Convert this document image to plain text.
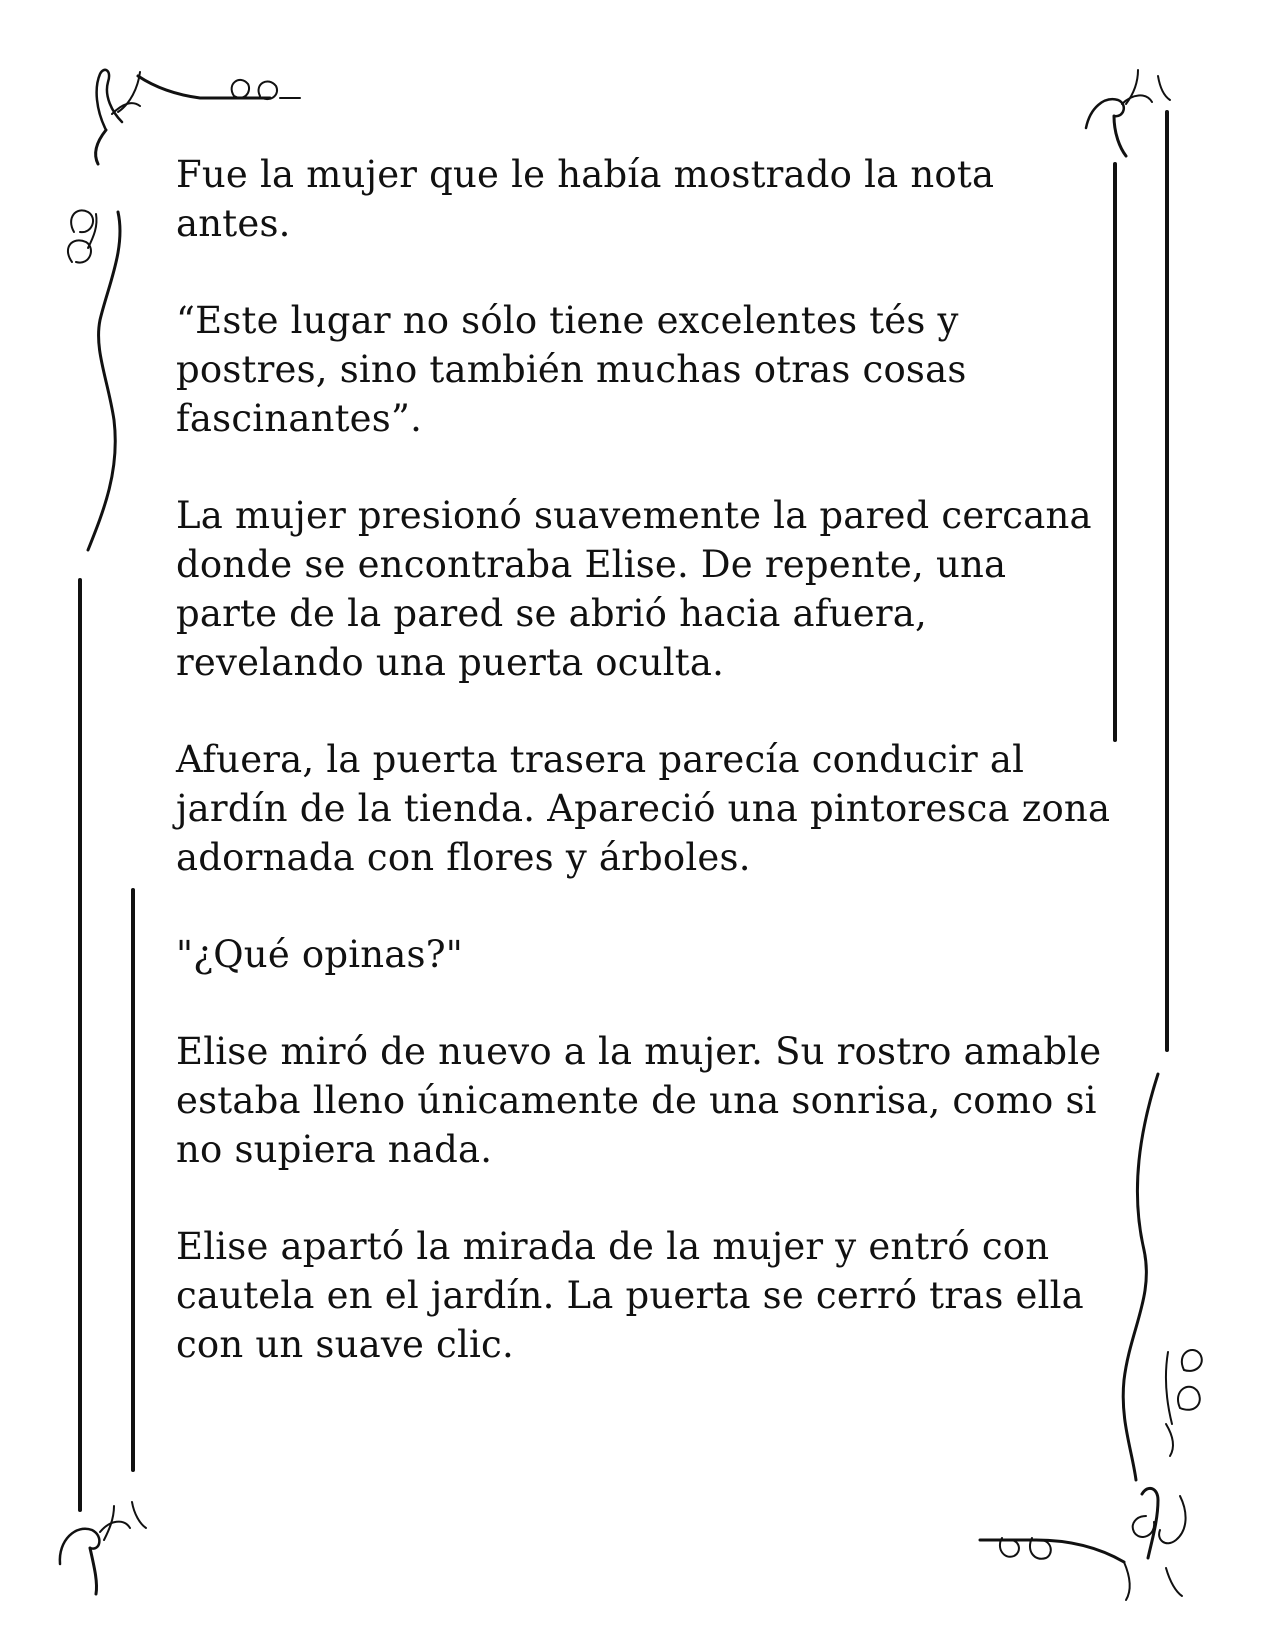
Fue la mujer que le había mostrado la nota antes.

“Este lugar no sólo tiene excelentes tés y postres, sino también muchas otras cosas fascinantes”.

La mujer presionó suavemente la pared cercana donde se encontraba Elise. De repente, una parte de la pared se abrió hacia afuera, revelando una puerta oculta.

Afuera, la puerta trasera parecía conducir al jardín de la tienda. Apareció una pintoresca zona adornada con flores y árboles.

"¿Qué opinas?"

Elise miró de nuevo a la mujer. Su rostro amable estaba lleno únicamente de una sonrisa, como si no supiera nada.

Elise apartó la mirada de la mujer y entró con cautela en el jardín. La puerta se cerró tras ella con un suave clic.
